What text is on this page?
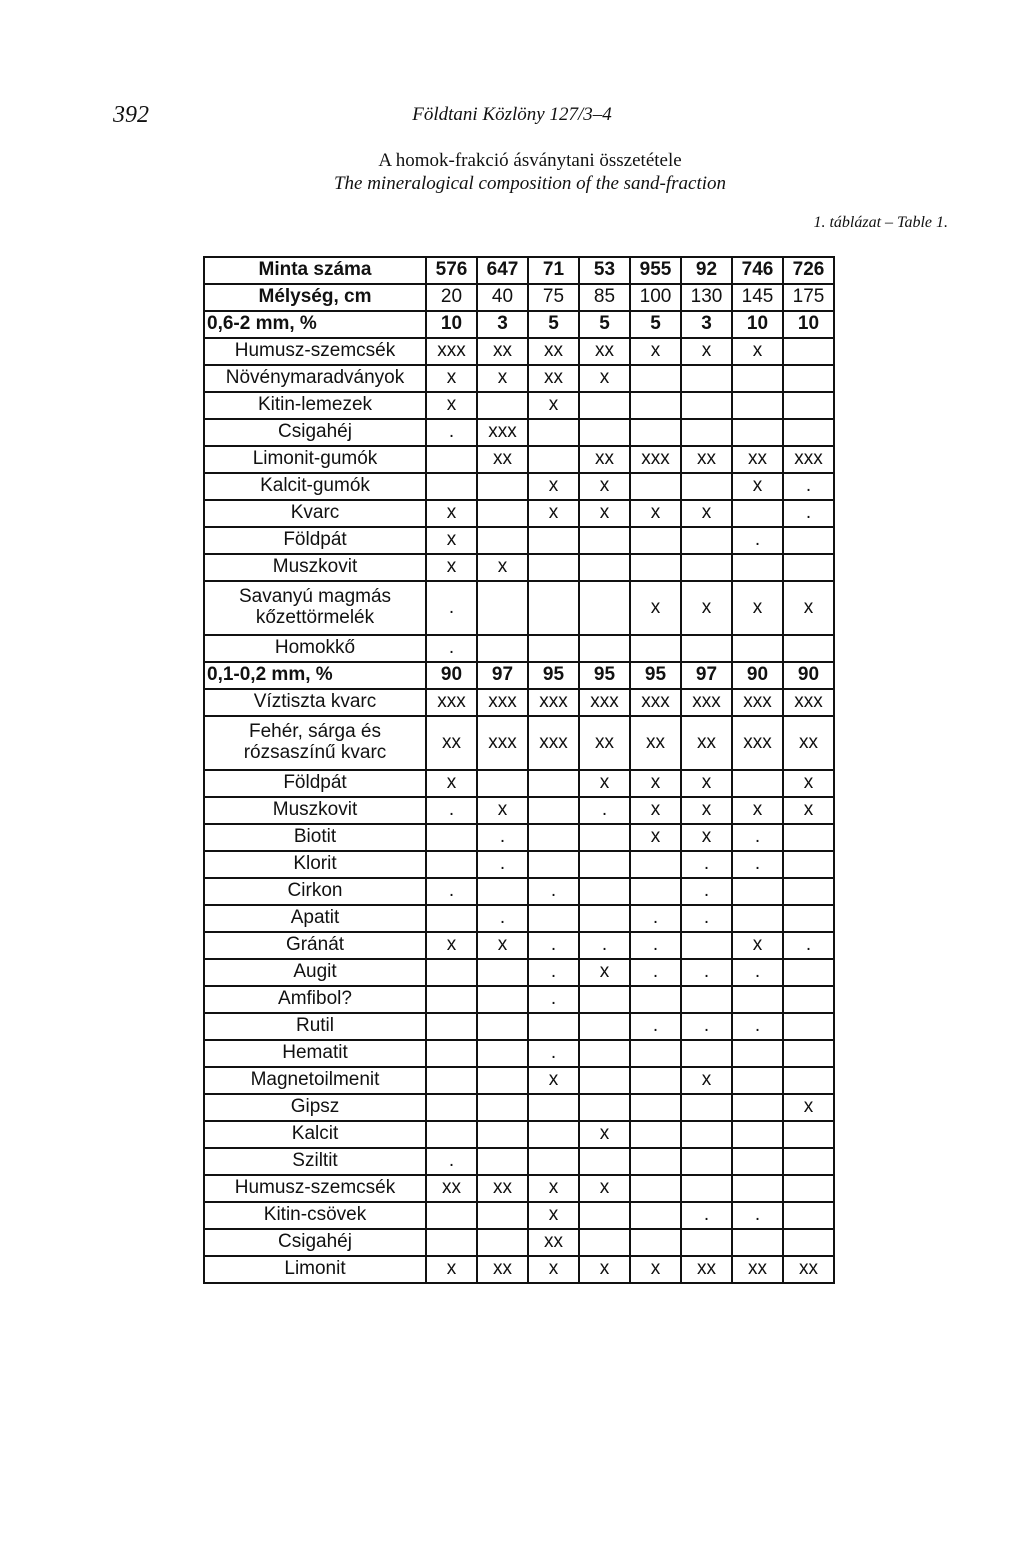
392	Földtani Közlöny 127/3–4
A homok-frakció ásványtani összetétele
The mineralogical composition of the sand-fraction
1. táblázat – Table 1.
Minta száma	576	647	71	53	955	92	746	726
Mélység, cm	20	40	75	85	100	130	145	175
0,6-2 mm, %	10	3	5	5	5	3	10	10
Humusz-szemcsék	xxx	xx	xx	xx	x	x	x	
Növénymaradványok	x	x	xx	x				
Kitin-lemezek	x		x					
Csigahéj	.	xxx						
Limonit-gumók		xx		xx	xxx	xx	xx	xxx
Kalcit-gumók			x	x			x	.
Kvarc	x		x	x	x	x		.
Földpát	x						.	
Muszkovit	x	x						
Savanyú magmás kőzettörmelék	.				x	x	x	x
Homokkő	.							
0,1-0,2 mm, %	90	97	95	95	95	97	90	90
Víztiszta kvarc	xxx	xxx	xxx	xxx	xxx	xxx	xxx	xxx
Fehér, sárga és rózsaszínű kvarc	xx	xxx	xxx	xx	xx	xx	xxx	xx
Földpát	x			x	x	x		x
Muszkovit	.	x		.	x	x	x	x
Biotit		.			x	x	.	
Klorit		.				.	.	
Cirkon	.		.			.		
Apatit		.			.	.		
Gránát	x	x	.	.	.		x	.
Augit			.	x	.	.	.	
Amfibol?			.					
Rutil					.	.	.	
Hematit			.					
Magnetoilmenit			x			x		
Gipsz								x
Kalcit				x				
Sziltit	.							
Humusz-szemcsék	xx	xx	x	x				
Kitin-csövek			x			.	.	
Csigahéj			xx					
Limonit	x	xx	x	x	x	xx	xx	xx
